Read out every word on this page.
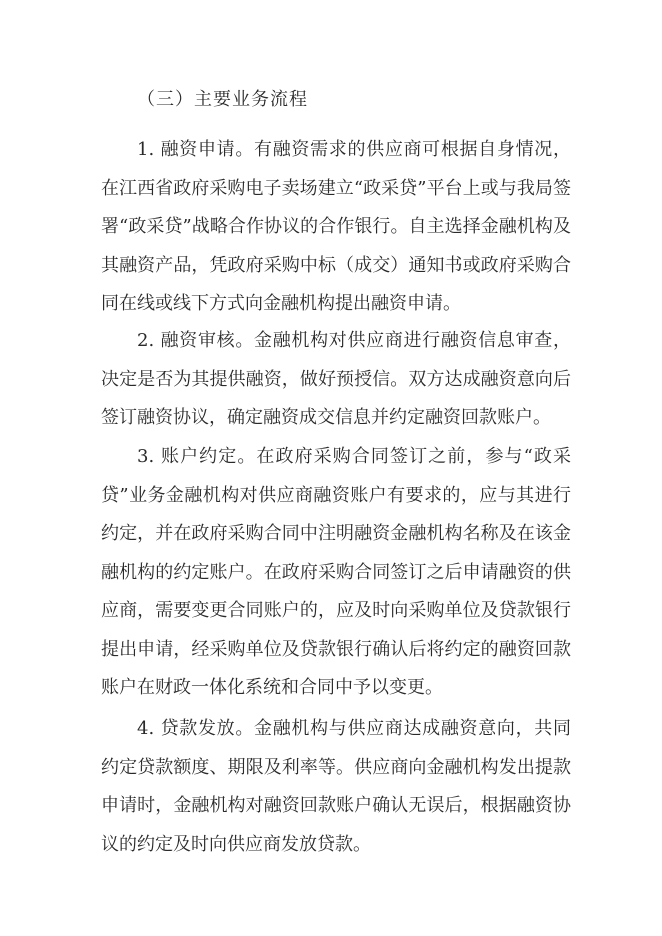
（三）主要业务流程

1. 融资申请。有融资需求的供应商可根据自身情况，在江西省政府采购电子卖场建立“政采贷”平台上或与我局签署“政采贷”战略合作协议的合作银行。自主选择金融机构及其融资产品，凭政府采购中标（成交）通知书或政府采购合同在线或线下方式向金融机构提出融资申请。

2. 融资审核。金融机构对供应商进行融资信息审查，决定是否为其提供融资，做好预授信。双方达成融资意向后签订融资协议，确定融资成交信息并约定融资回款账户。

3. 账户约定。在政府采购合同签订之前，参与“政采贷”业务金融机构对供应商融资账户有要求的，应与其进行约定，并在政府采购合同中注明融资金融机构名称及在该金融机构的约定账户。在政府采购合同签订之后申请融资的供应商，需要变更合同账户的，应及时向采购单位及贷款银行提出申请，经采购单位及贷款银行确认后将约定的融资回款账户在财政一体化系统和合同中予以变更。

4. 贷款发放。金融机构与供应商达成融资意向，共同约定贷款额度、期限及利率等。供应商向金融机构发出提款申请时，金融机构对融资回款账户确认无误后，根据融资协议的约定及时向供应商发放贷款。
